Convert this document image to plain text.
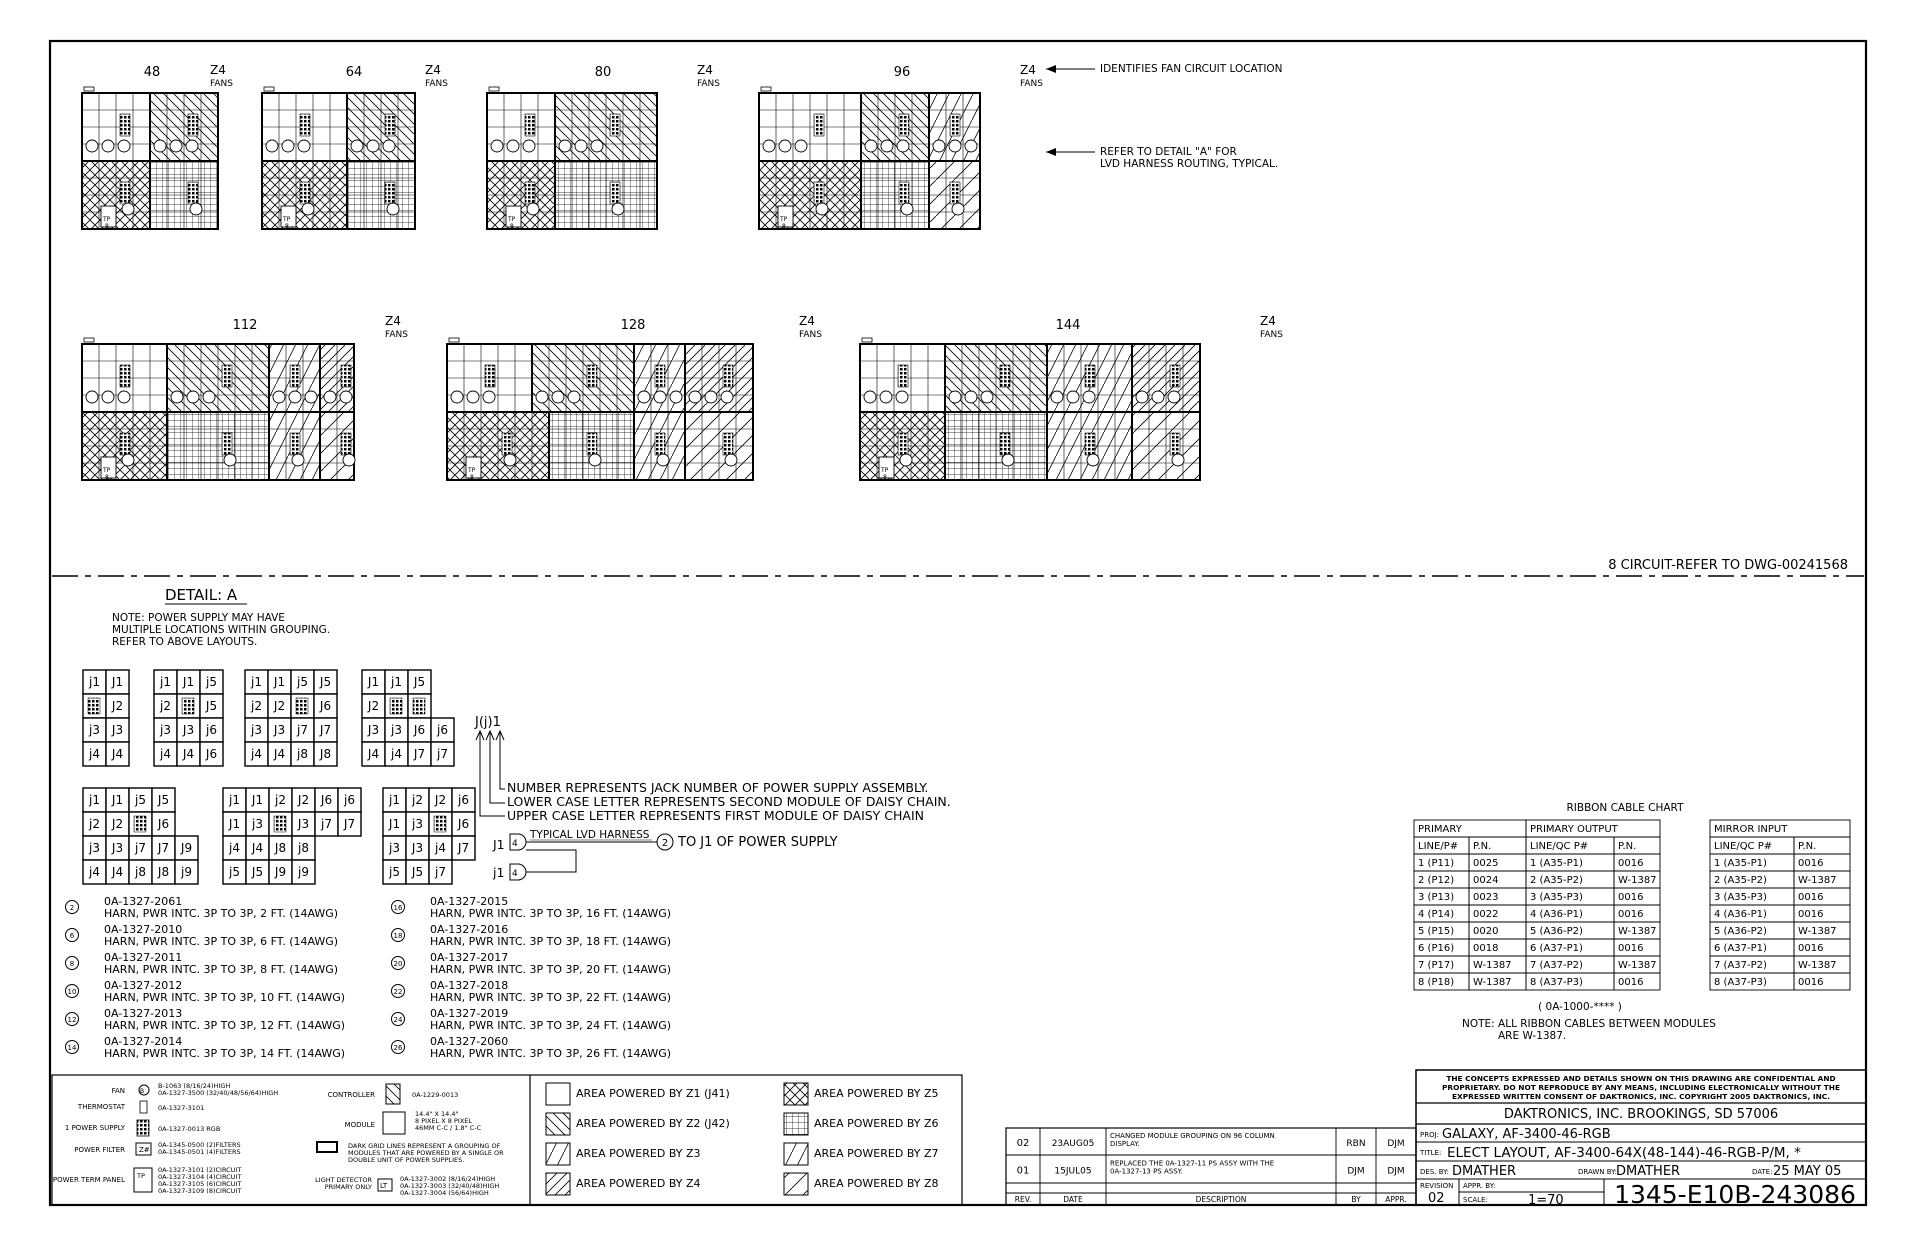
TP
8
TP
8
TP
8
TP
8
TP
8
TP
8
TP
8
48	Z4
FANS
64	Z4
FANS
80	Z4
FANS
96	Z4
FANS
112	Z4
FANS
128	Z4
FANS
144	Z4
FANS
IDENTIFIES FAN CIRCUIT LOCATION
REFER TO DETAIL "A" FOR
LVD HARNESS ROUTING, TYPICAL.
8 CIRCUIT-REFER TO DWG-00241568
DETAIL: A
NOTE: POWER SUPPLY MAY HAVE
MULTIPLE LOCATIONS WITHIN GROUPING.
REFER TO ABOVE LAYOUTS.
j1 J1
J2
j3 J3
j4 J4
j1 J1 j5
j2	J5
j3 J3 j6
j4 J4 J6
j1 J1 j5 J5
j2 J2	J6
j3 J3 j7 J7
j4 J4 j8 J8
J1 j1 J5
J2
J3 j3 J6 j6
J4 j4 J7 j7
j1 J1 j5 J5
j2 J2	J6
j3 J3 j7 J7 J9
j4 J4 j8 J8 j9
j1 J1 j2 J2 J6 j6
J1 j3	J3 j7 J7
j4 J4 J8 j8
j5 J5 J9 j9
j1 j2 J2 j6
J1 j3	J6
j3 J3 j4 J7
j5 J5 j7
J(j)1
NUMBER REPRESENTS JACK NUMBER OF POWER SUPPLY ASSEMBLY.
LOWER CASE LETTER REPRESENTS SECOND MODULE OF DAISY CHAIN.
UPPER CASE LETTER REPRESENTS FIRST MODULE OF DAISY CHAIN
J1 4
TYPICAL LVD HARNESS
2 TO J1 OF POWER SUPPLY
j1 4
2	0A-1327-2061
HARN, PWR INTC. 3P TO 3P, 2 FT. (14AWG)
6	0A-1327-2010
HARN, PWR INTC. 3P TO 3P, 6 FT. (14AWG)
8	0A-1327-2011
HARN, PWR INTC. 3P TO 3P, 8 FT. (14AWG)
10	0A-1327-2012
HARN, PWR INTC. 3P TO 3P, 10 FT. (14AWG)
12	0A-1327-2013
HARN, PWR INTC. 3P TO 3P, 12 FT. (14AWG)
14	0A-1327-2014
HARN, PWR INTC. 3P TO 3P, 14 FT. (14AWG)
16	0A-1327-2015
HARN, PWR INTC. 3P TO 3P, 16 FT. (14AWG)
18	0A-1327-2016
HARN, PWR INTC. 3P TO 3P, 18 FT. (14AWG)
20	0A-1327-2017
HARN, PWR INTC. 3P TO 3P, 20 FT. (14AWG)
22	0A-1327-2018
HARN, PWR INTC. 3P TO 3P, 22 FT. (14AWG)
24	0A-1327-2019
HARN, PWR INTC. 3P TO 3P, 24 FT. (14AWG)
26	0A-1327-2060
HARN, PWR INTC. 3P TO 3P, 26 FT. (14AWG)
FAN	B
B-1063 (8/16/24)HIGH
0A-1327-3500 (32/40/48/56/64)HIGH
THERMOSTAT	0A-1327-3101
1 POWER SUPPLY	0A-1327-0013 RGB
POWER FILTER Z#
0A-1345-0500 (2)FILTERS
0A-1345-0501 (4)FILTERS
POWER TERM PANEL TP
0A-1327-3101 (2)CIRCUIT
0A-1327-3104 (4)CIRCUIT
0A-1327-3105 (6)CIRCUIT
0A-1327-3109 (8)CIRCUIT
CONTROLLER	0A-1229-0013
MODULE
14.4" X 14.4"
8 PIXEL X 8 PIXEL
46MM C-C / 1.8" C-C
DARK GRID LINES REPRESENT A GROUPING OF
MODULES THAT ARE POWERED BY A SINGLE OR
DOUBLE UNIT OF POWER SUPPLIES.
LIGHT DETECTOR
PRIMARY ONLY LT
0A-1327-3002 (8/16/24)HIGH
0A-1327-3003 (32/40/48)HIGH
0A-1327-3004 (56/64)HIGH
AREA POWERED BY Z1 (J41)
AREA POWERED BY Z2 (J42)
AREA POWERED BY Z3
AREA POWERED BY Z4
AREA POWERED BY Z5
AREA POWERED BY Z6
AREA POWERED BY Z7
AREA POWERED BY Z8
RIBBON CABLE CHART
PRIMARY	PRIMARY OUTPUT	MIRROR INPUT
LINE/P# P.N.	LINE/QC P#	P.N.	LINE/QC P#	P.N.
1 (P11) 0025	1 (A35-P1)	0016	1 (A35-P1)	0016
2 (P12) 0024	2 (A35-P2)	W-1387	2 (A35-P2)	W-1387
3 (P13) 0023	3 (A35-P3)	0016	3 (A35-P3)	0016
4 (P14) 0022	4 (A36-P1)	0016	4 (A36-P1)	0016
5 (P15) 0020	5 (A36-P2)	W-1387	5 (A36-P2)	W-1387
6 (P16) 0018	6 (A37-P1)	0016	6 (A37-P1)	0016
7 (P17) W-1387 7 (A37-P2)	W-1387	7 (A37-P2)	W-1387
8 (P18) W-1387 8 (A37-P3)	0016	8 (A37-P3)	0016
( 0A-1000-**** )
NOTE: ALL RIBBON CABLES BETWEEN MODULES
ARE W-1387.
02 23AUG05
CHANGED MODULE GROUPING ON 96 COLUMN
DISPLAY.	RBN DJM
01	15JUL05
REPLACED THE 0A-1327-11 PS ASSY WITH THE
0A-1327-13 PS ASSY.	DJM	DJM
REV.	DATE	DESCRIPTION	BY	APPR.
THE CONCEPTS EXPRESSED AND DETAILS SHOWN ON THIS DRAWING ARE CONFIDENTIAL AND
PROPRIETARY. DO NOT REPRODUCE BY ANY MEANS, INCLUDING ELECTRONICALLY WITHOUT THE
EXPRESSED WRITTEN CONSENT OF DAKTRONICS, INC. COPYRIGHT 2005 DAKTRONICS, INC.
DAKTRONICS, INC. BROOKINGS, SD 57006
PROJ: GALAXY, AF-3400-46-RGB
TITLE: ELECT LAYOUT, AF-3400-64X(48-144)-46-RGB-P/M, *
DES. BY: DMATHER	DRAWN BY: DMATHER	DATE: 25 MAY 05
REVISION
02
APPR. BY:
SCALE:	1=70 1345-E10B-243086
